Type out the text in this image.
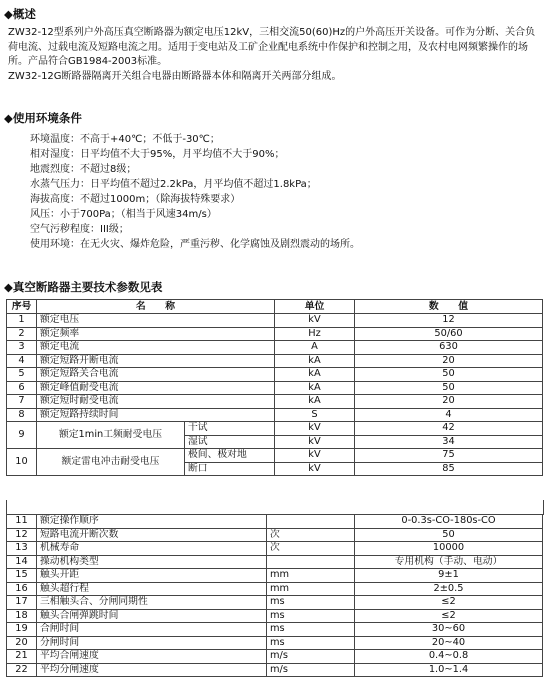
◆概述

ZW32-12型系列户外高压真空断路器为额定电压12kV，三相交流50(60)Hz的户外高压开关设备。可作为分断、关合负荷电流、过载电流及短路电流之用。适用于变电站及工矿企业配电系统中作保护和控制之用，及农村电网频繁操作的场所。产品符合GB1984-2003标准。

ZW32-12G断路器隔离开关组合电器由断路器本体和隔离开关两部分组成。

◆使用环境条件
环境温度：不高于+40℃；不低于-30℃；
相对湿度：日平均值不大于95%，月平均值不大于90%；
地震烈度：不超过8级；
水蒸气压力：日平均值不超过2.2kPa，月平均值不超过1.8kPa；
海拔高度：不超过1000m；（除海拔特殊要求）
风压：小于700Pa；（相当于风速34m/s）
空气污秽程度：III级；
使用环境：在无火灾、爆炸危险，严重污秽、化学腐蚀及剧烈震动的场所。
◆真空断路器主要技术参数见表
序号	名　　称		单位	数　　值
1	额定电压		kV	12
2	额定频率		Hz	50/60
3	额定电流		A	630
4	额定短路开断电流		kA	20
5	额定短路关合电流		kA	50
6	额定峰值耐受电流		kA	50
7	额定短时耐受电流		kA	20
8	额定短路持续时间		S	4
9	额定1min工频耐受电压	干试	kV	42
		湿试	kV	34
10	额定雷电冲击耐受电压	极间、极对地	kV	75
		断口	kV	85
11	额定操作顺序		0-0.3s-CO-180s-CO
12	短路电流开断次数	次	50
13	机械寿命	次	10000
14	操动机构类型		专用机构（手动、电动）
15	触头开距	mm	9±1
16	触头超行程	mm	2±0.5
17	三相触头合、分闸同期性	ms	≤2
18	触头合闸弹跳时间	ms	≤2
19	合闸时间	ms	30~60
20	分闸时间	ms	20~40
21	平均合闸速度	m/s	0.4~0.8
22	平均分闸速度	m/s	1.0~1.4
